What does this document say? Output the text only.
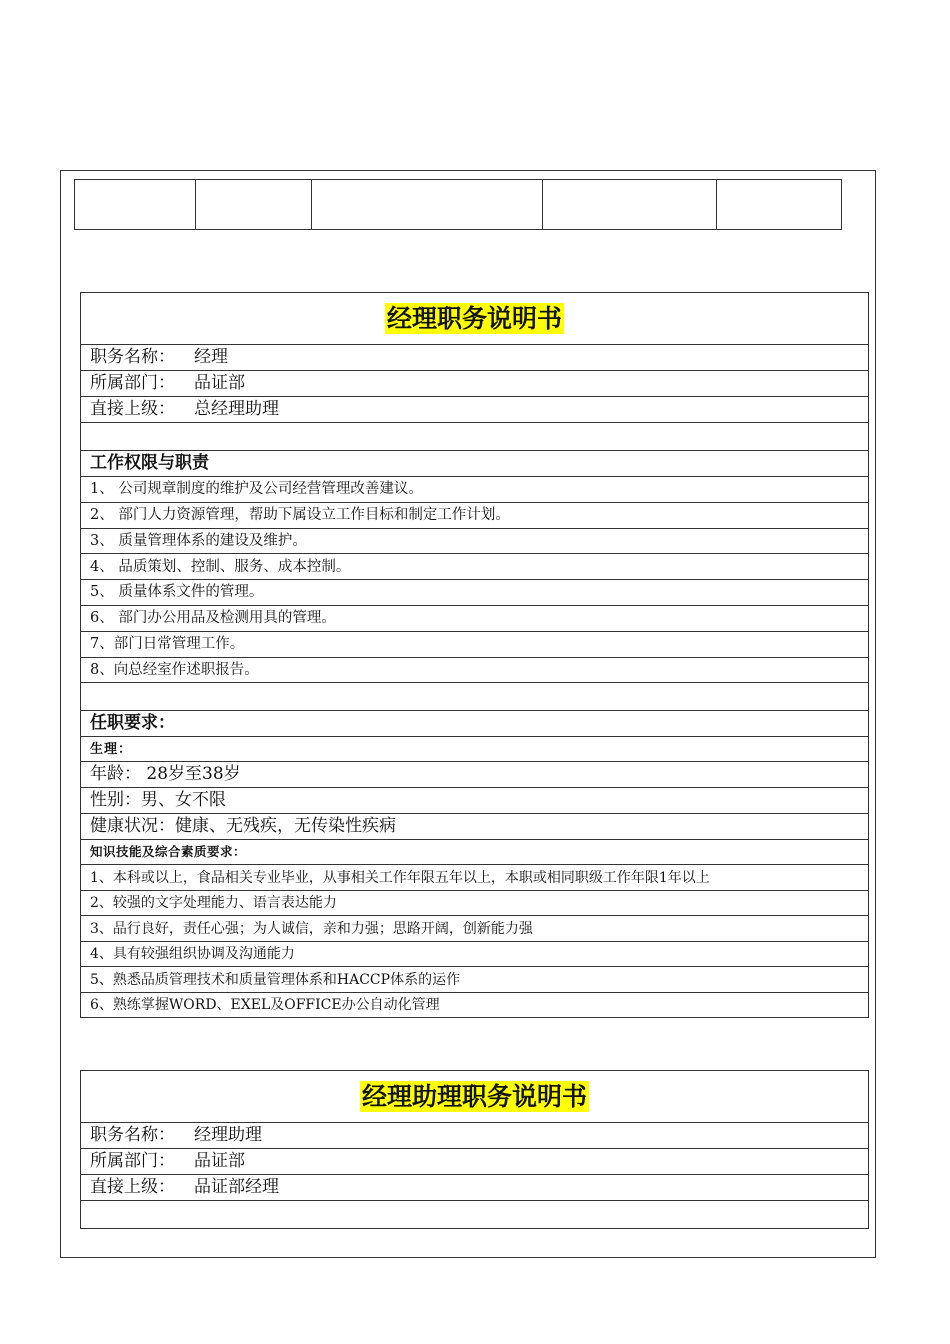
经理职务说明书
职务名称： 经理
所属部门： 品证部
直接上级： 总经理助理

工作权限与职责
1、 公司规章制度的维护及公司经营管理改善建议。
2、 部门人力资源管理，帮助下属设立工作目标和制定工作计划。
3、 质量管理体系的建设及维护。
4、 品质策划、控制、服务、成本控制。
5、 质量体系文件的管理。
6、 部门办公用品及检测用具的管理。
7、部门日常管理工作。
8、向总经室作述职报告。

任职要求：
生理：
年龄： 28岁至38岁
性别：男、女不限
健康状况：健康、无残疾，无传染性疾病
知识技能及综合素质要求：
1、本科或以上，食品相关专业毕业，从事相关工作年限五年以上，本职或相同职级工作年限1年以上
2、较强的文字处理能力、语言表达能力
3、品行良好，责任心强；为人诚信，亲和力强；思路开阔，创新能力强
4、具有较强组织协调及沟通能力
5、熟悉品质管理技术和质量管理体系和HACCP体系的运作
6、熟练掌握WORD、EXEL及OFFICE办公自动化管理
经理助理职务说明书
职务名称： 经理助理
所属部门： 品证部
直接上级： 品证部经理
